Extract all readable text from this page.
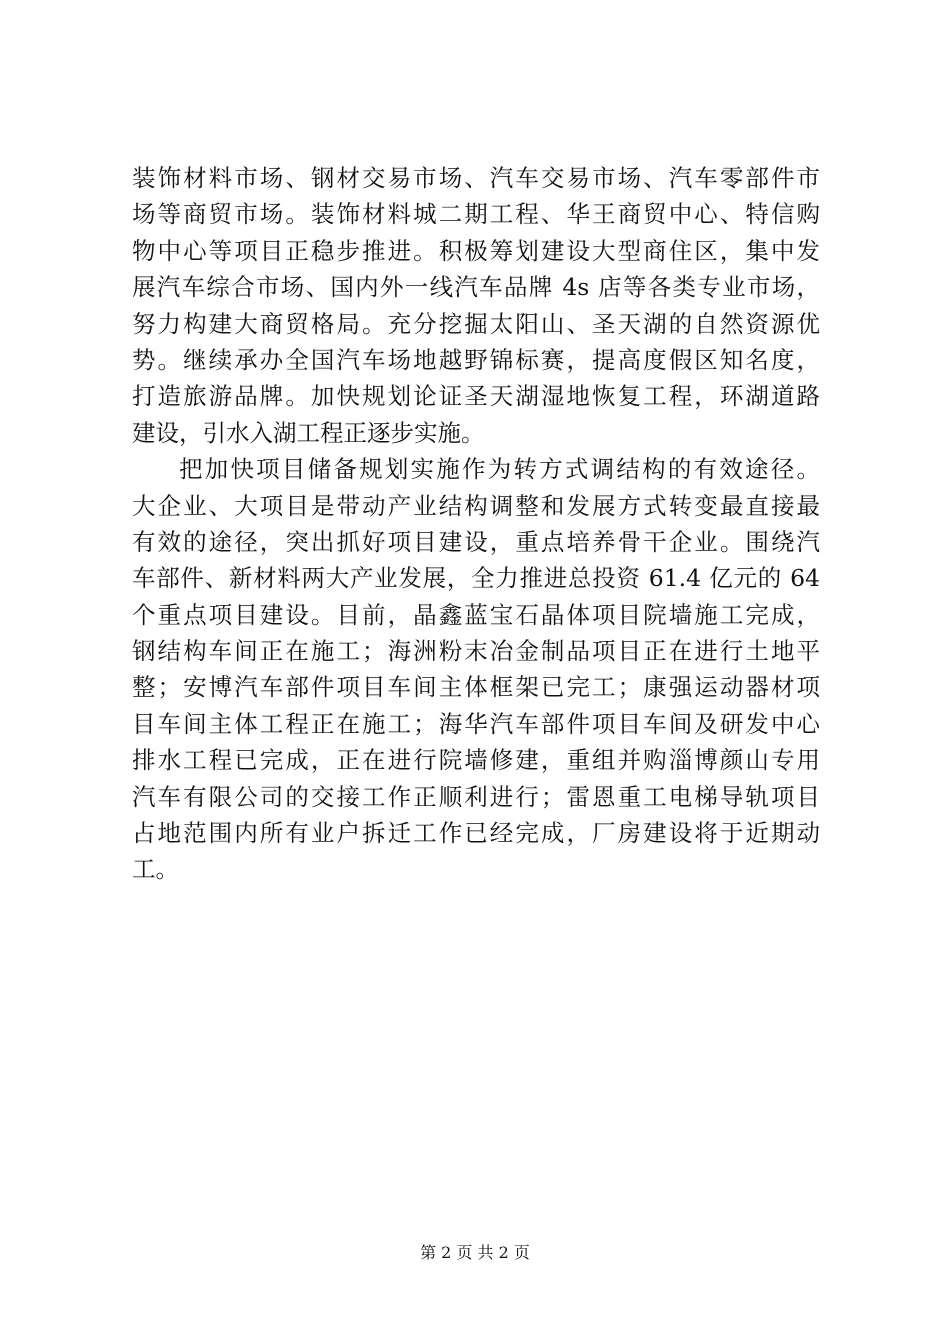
装饰材料市场、钢材交易市场、汽车交易市场、汽车零部件市
场等商贸市场。装饰材料城二期工程、华王商贸中心、特信购
物中心等项目正稳步推进。积极筹划建设大型商住区，集中发
展汽车综合市场、国内外一线汽车品牌 4s 店等各类专业市场，
努力构建大商贸格局。充分挖掘太阳山、圣天湖的自然资源优
势。继续承办全国汽车场地越野锦标赛，提高度假区知名度，
打造旅游品牌。加快规划论证圣天湖湿地恢复工程，环湖道路
建设，引水入湖工程正逐步实施。
把加快项目储备规划实施作为转方式调结构的有效途径。
大企业、大项目是带动产业结构调整和发展方式转变最直接最
有效的途径，突出抓好项目建设，重点培养骨干企业。围绕汽
车部件、新材料两大产业发展，全力推进总投资 61.4 亿元的 64
个重点项目建设。目前，晶鑫蓝宝石晶体项目院墙施工完成，
钢结构车间正在施工；海洲粉末冶金制品项目正在进行土地平
整；安博汽车部件项目车间主体框架已完工；康强运动器材项
目车间主体工程正在施工；海华汽车部件项目车间及研发中心
排水工程已完成，正在进行院墙修建，重组并购淄博颜山专用
汽车有限公司的交接工作正顺利进行；雷恩重工电梯导轨项目
占地范围内所有业户拆迁工作已经完成，厂房建设将于近期动
工。
第 2 页 共 2 页
